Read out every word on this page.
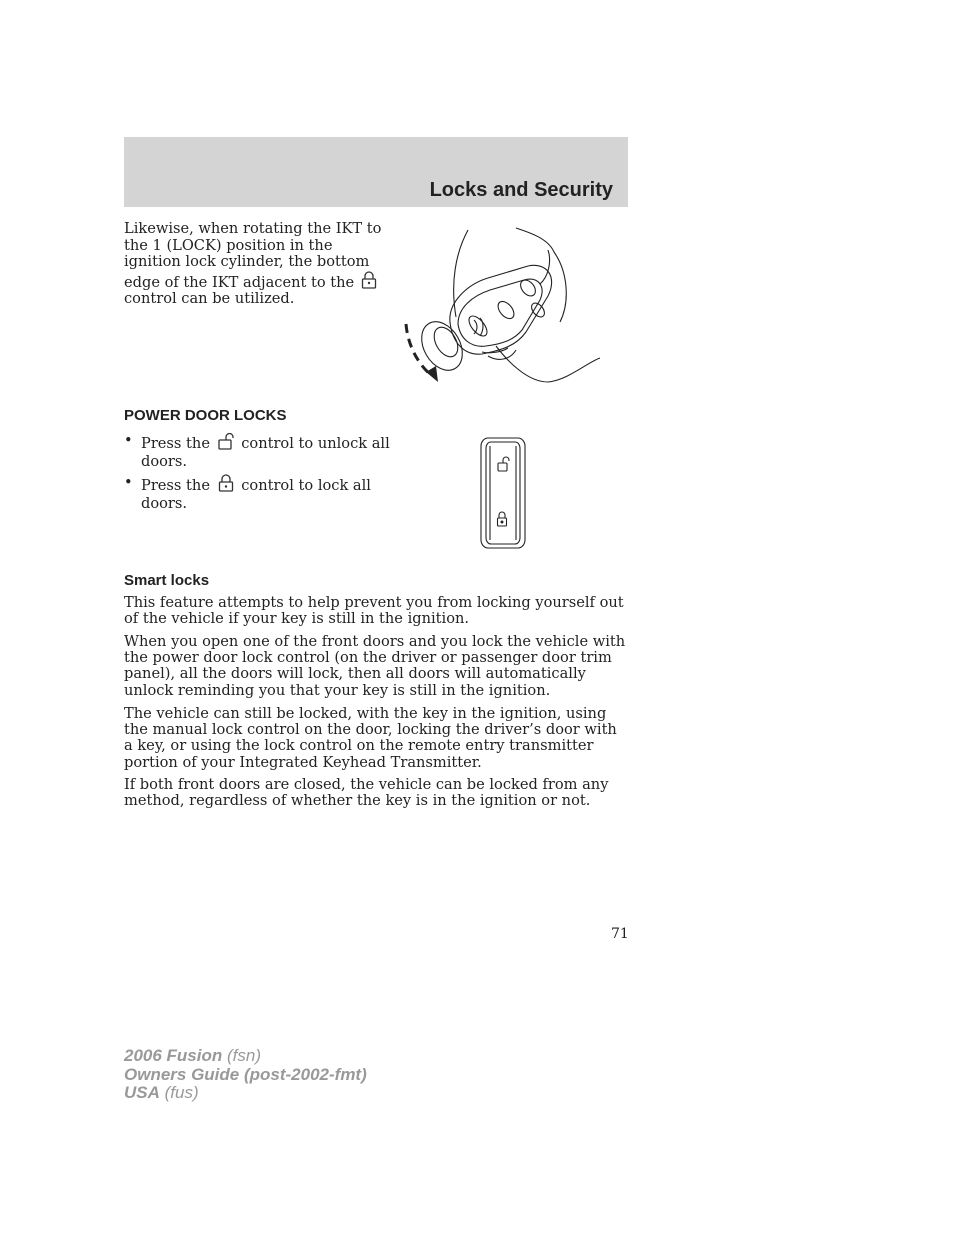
Locks and Security
Likewise, when rotating the IKT to
the 1 (LOCK) position in the
ignition lock cylinder, the bottom
edge of the IKT adjacent to the
control can be utilized.
POWER DOOR LOCKS
• Press the control to unlock all
doors.
• Press the control to lock all
doors.
Smart locks
This feature attempts to help prevent you from locking yourself out of the vehicle if your key is still in the ignition.
When you open one of the front doors and you lock the vehicle with the power door lock control (on the driver or passenger door trim panel), all the doors will lock, then all doors will automatically unlock reminding you that your key is still in the ignition.
The vehicle can still be locked, with the key in the ignition, using the manual lock control on the door, locking the driver’s door with a key, or using the lock control on the remote entry transmitter portion of your Integrated Keyhead Transmitter.
If both front doors are closed, the vehicle can be locked from any method, regardless of whether the key is in the ignition or not.
71
2006 Fusion (fsn)
Owners Guide (post-2002-fmt)
USA (fus)
